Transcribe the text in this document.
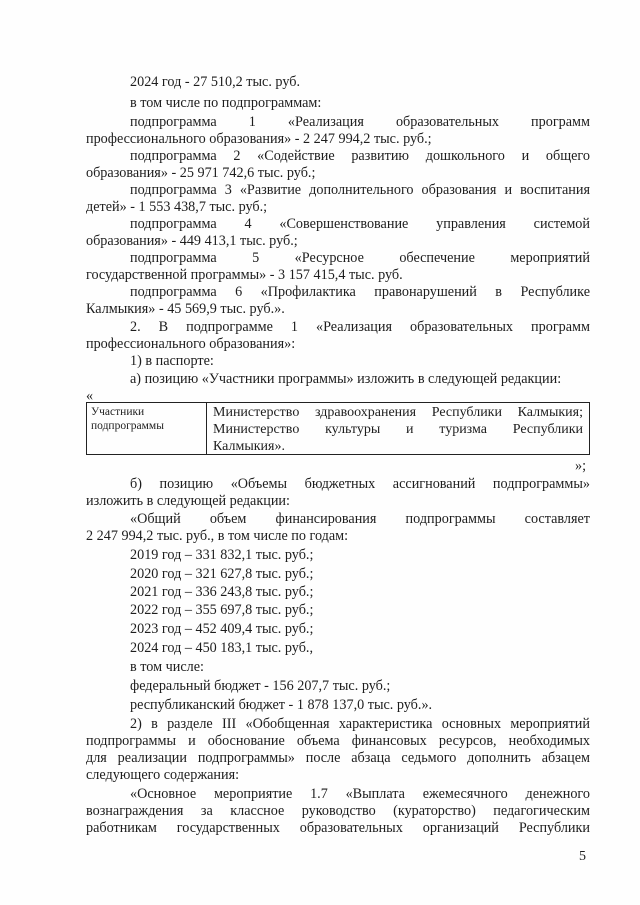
2024 год - 27 510,2 тыс. руб.
в том числе по подпрограммам:
подпрограмма 1 «Реализация образовательных программ
профессионального образования» - 2 247 994,2 тыс. руб.;
подпрограмма 2 «Содействие развитию дошкольного и общего
образования» - 25 971 742,6 тыс. руб.;
подпрограмма 3 «Развитие дополнительного образования и воспитания
детей» - 1 553 438,7 тыс. руб.;
подпрограмма 4 «Совершенствование управления системой
образования» - 449 413,1 тыс. руб.;
подпрограмма 5 «Ресурсное обеспечение мероприятий
государственной программы» - 3 157 415,4 тыс. руб.
подпрограмма 6 «Профилактика правонарушений в Республике
Калмыкия» - 45 569,9 тыс. руб.».
2. В подпрограмме 1 «Реализация образовательных программ
профессионального образования»:
1) в паспорте:
а) позицию «Участники программы» изложить в следующей редакции:
«
Участники подпрограммы
Министерство здравоохранения Республики Калмыкия;
Министерство культуры и туризма Республики
Калмыкия».
»;
б) позицию «Объемы бюджетных ассигнований подпрограммы»
изложить в следующей редакции:
«Общий объем финансирования подпрограммы составляет
2 247 994,2 тыс. руб., в том числе по годам:
2019 год – 331 832,1 тыс. руб.;
2020 год – 321 627,8 тыс. руб.;
2021 год – 336 243,8 тыс. руб.;
2022 год – 355 697,8 тыс. руб.;
2023 год – 452 409,4 тыс. руб.;
2024 год – 450 183,1 тыс. руб.,
в том числе:
федеральный бюджет - 156 207,7 тыс. руб.;
республиканский бюджет - 1 878 137,0 тыс. руб.».
2) в разделе III «Обобщенная характеристика основных мероприятий
подпрограммы и обоснование объема финансовых ресурсов, необходимых
для реализации подпрограммы» после абзаца седьмого дополнить абзацем
следующего содержания:
«Основное мероприятие 1.7 «Выплата ежемесячного денежного
вознаграждения за классное руководство (кураторство) педагогическим
работникам государственных образовательных организаций Республики
5
